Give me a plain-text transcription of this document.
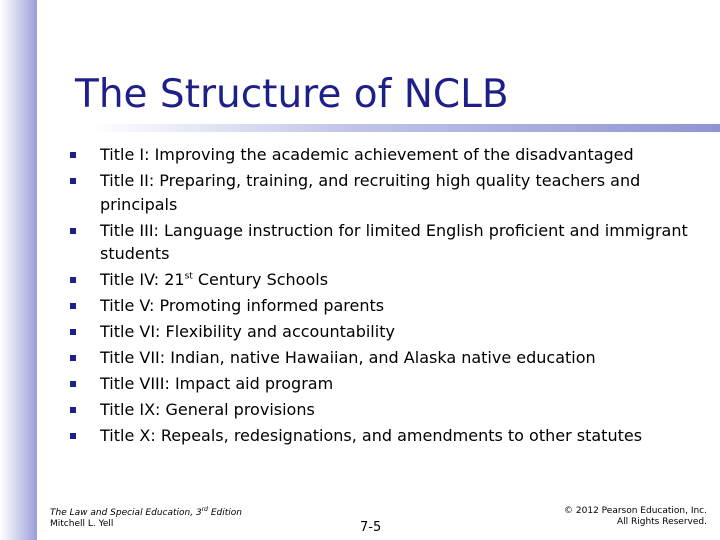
The Structure of NCLB
Title I: Improving the academic achievement of the disadvantaged
Title II: Preparing, training, and recruiting high quality teachers and principals
Title III: Language instruction for limited English proficient and immigrant students
Title IV: 21st Century Schools
Title V: Promoting informed parents
Title VI: Flexibility and accountability
Title VII: Indian, native Hawaiian, and Alaska native education
Title VIII: Impact aid program
Title IX: General provisions
Title X: Repeals, redesignations, and amendments to other statutes
The Law and Special Education, 3rd Edition
Mitchell L. Yell	7-5
© 2012 Pearson Education, Inc.
All Rights Reserved.
